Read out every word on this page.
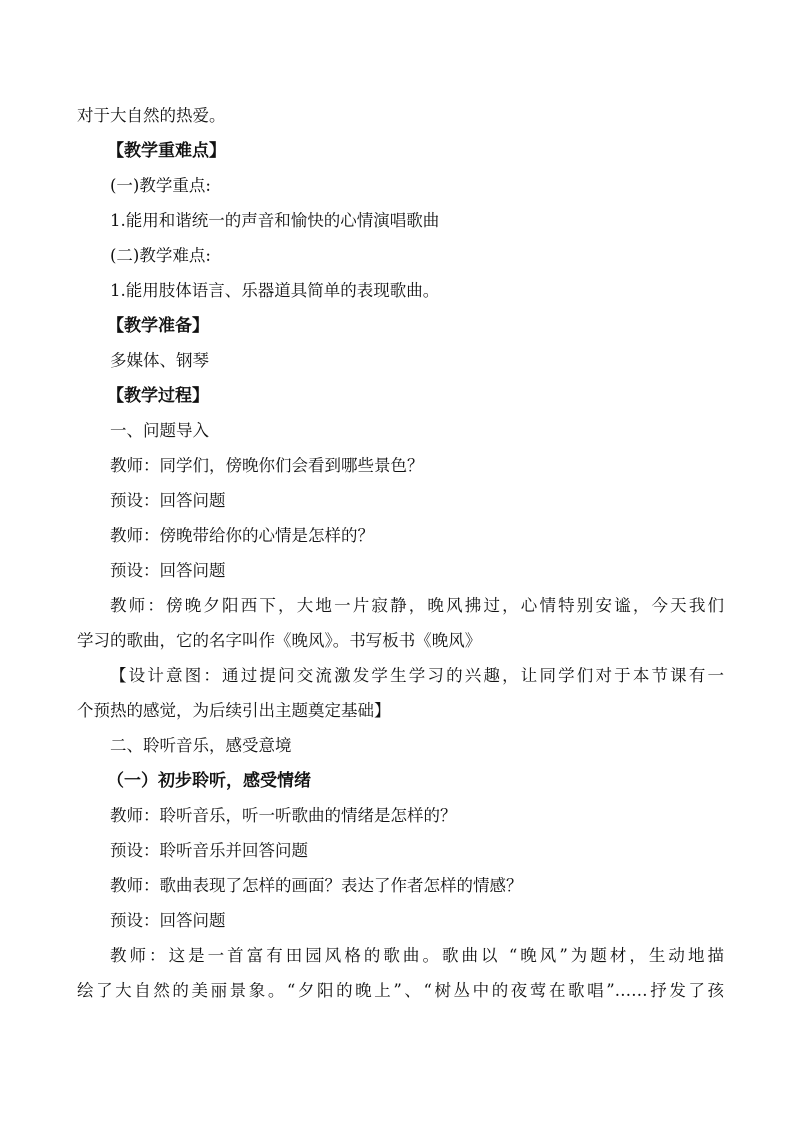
对于大自然的热爱。
【教学重难点】
(一)教学重点:
1.能用和谐统一的声音和愉快的心情演唱歌曲
(二)教学难点:
1.能用肢体语言、乐器道具简单的表现歌曲。
【教学准备】
多媒体、钢琴
【教学过程】
一、问题导入
教师：同学们，傍晚你们会看到哪些景色？
预设：回答问题
教师：傍晚带给你的心情是怎样的？
预设：回答问题
教师：傍晚夕阳西下，大地一片寂静，晚风拂过，心情特别安谧，今天我们
学习的歌曲，它的名字叫作《晚风》。书写板书《晚风》
【设计意图：通过提问交流激发学生学习的兴趣，让同学们对于本节课有一
个预热的感觉，为后续引出主题奠定基础】
二、聆听音乐，感受意境
（一）初步聆听，感受情绪
教师：聆听音乐，听一听歌曲的情绪是怎样的？
预设：聆听音乐并回答问题
教师：歌曲表现了怎样的画面？表达了作者怎样的情感？
预设：回答问题
教师：这是一首富有田园风格的歌曲。歌曲以 “晚风”为题材，生动地描
绘了大自然的美丽景象。“夕阳的晚上”、“树丛中的夜莺在歌唱”……抒发了孩
